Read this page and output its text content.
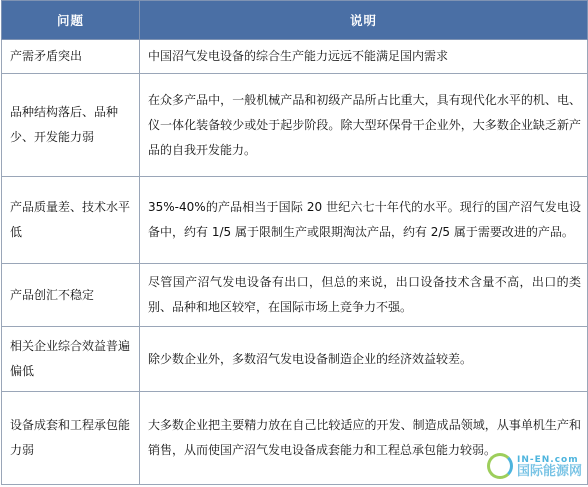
问题	说明
产需矛盾突出	中国沼气发电设备的综合生产能力远远不能满足国内需求
品种结构落后、品种少、开发能力弱	在众多产品中，一般机械产品和初级产品所占比重大，具有现代化水平的机、电、仪一体化装备较少或处于起步阶段。除大型环保骨干企业外，大多数企业缺乏新产品的自我开发能力。
产品质量差、技术水平低	35%-40%的产品相当于国际 20 世纪六七十年代的水平。现行的国产沼气发电设备中，约有 1/5 属于限制生产或限期淘汰产品，约有 2/5 属于需要改进的产品。
产品创汇不稳定	尽管国产沼气发电设备有出口，但总的来说，出口设备技术含量不高，出口的类别、品种和地区较窄，在国际市场上竞争力不强。
相关企业综合效益普遍偏低	除少数企业外，多数沼气发电设备制造企业的经济效益较差。
设备成套和工程承包能力弱	大多数企业把主要精力放在自己比较适应的开发、制造成品领域，从事单机生产和销售，从而使国产沼气发电设备成套能力和工程总承包能力较弱。
IN-EN.com
国际能源网
